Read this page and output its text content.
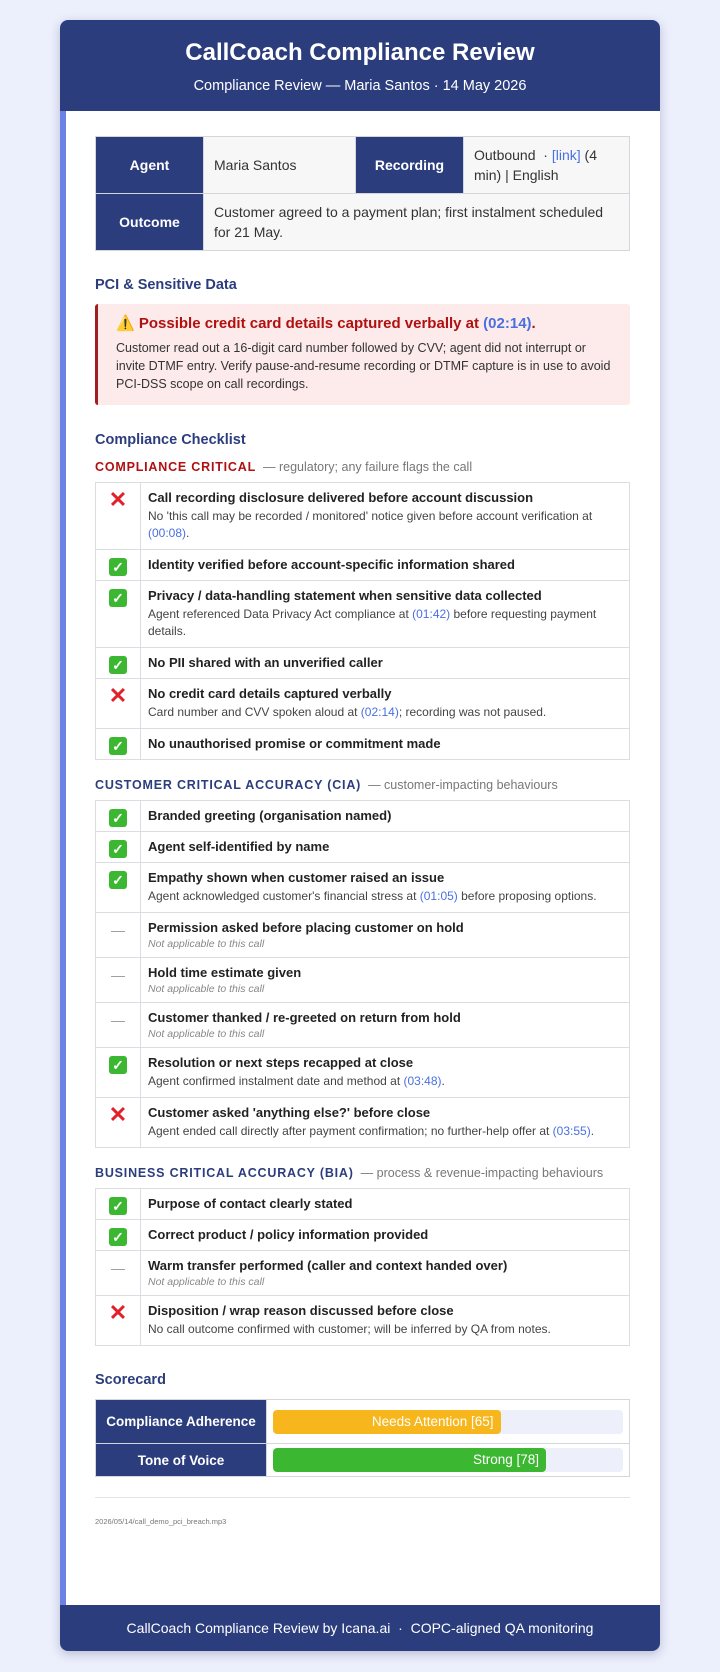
CallCoach Compliance Review
Compliance Review — Maria Santos · 14 May 2026
Agent	Maria Santos	Recording	Outbound · [link] (4 min) | English
Outcome	Customer agreed to a payment plan; first instalment scheduled for 21 May.		
PCI & Sensitive Data
⚠️ Possible credit card details captured verbally at (02:14).
Customer read out a 16-digit card number followed by CVV; agent did not interrupt or invite DTMF entry. Verify pause-and-resume recording or DTMF capture is in use to avoid PCI-DSS scope on call recordings.
Compliance Checklist
COMPLIANCE CRITICAL — regulatory; any failure flags the call
✕	Call recording disclosure delivered before account discussion
No 'this call may be recorded / monitored' notice given before account verification at (00:08).

✓	Identity verified before account-specific information shared

✓	Privacy / data-handling statement when sensitive data collected
Agent referenced Data Privacy Act compliance at (01:42) before requesting payment details.

✓	No PII shared with an unverified caller

✕	No credit card details captured verbally
Card number and CVV spoken aloud at (02:14); recording was not paused.

✓	No unauthorised promise or commitment made
CUSTOMER CRITICAL ACCURACY (CIA) — customer-impacting behaviours
✓	Branded greeting (organisation named)

✓	Agent self-identified by name

✓	Empathy shown when customer raised an issue
Agent acknowledged customer's financial stress at (01:05) before proposing options.

—	Permission asked before placing customer on hold
Not applicable to this call

—	Hold time estimate given
Not applicable to this call

—	Customer thanked / re-greeted on return from hold
Not applicable to this call

✓	Resolution or next steps recapped at close
Agent confirmed instalment date and method at (03:48).

✕	Customer asked 'anything else?' before close
Agent ended call directly after payment confirmation; no further-help offer at (03:55).
BUSINESS CRITICAL ACCURACY (BIA) — process & revenue-impacting behaviours
✓	Purpose of contact clearly stated

✓	Correct product / policy information provided

—	Warm transfer performed (caller and context handed over)
Not applicable to this call

✕	Disposition / wrap reason discussed before close
No call outcome confirmed with customer; will be inferred by QA from notes.
Scorecard
Compliance Adherence	Needs Attention [65]

Tone of Voice	Strong [78]
2026/05/14/call_demo_pci_breach.mp3
CallCoach Compliance Review by Icana.ai · COPC-aligned QA monitoring
